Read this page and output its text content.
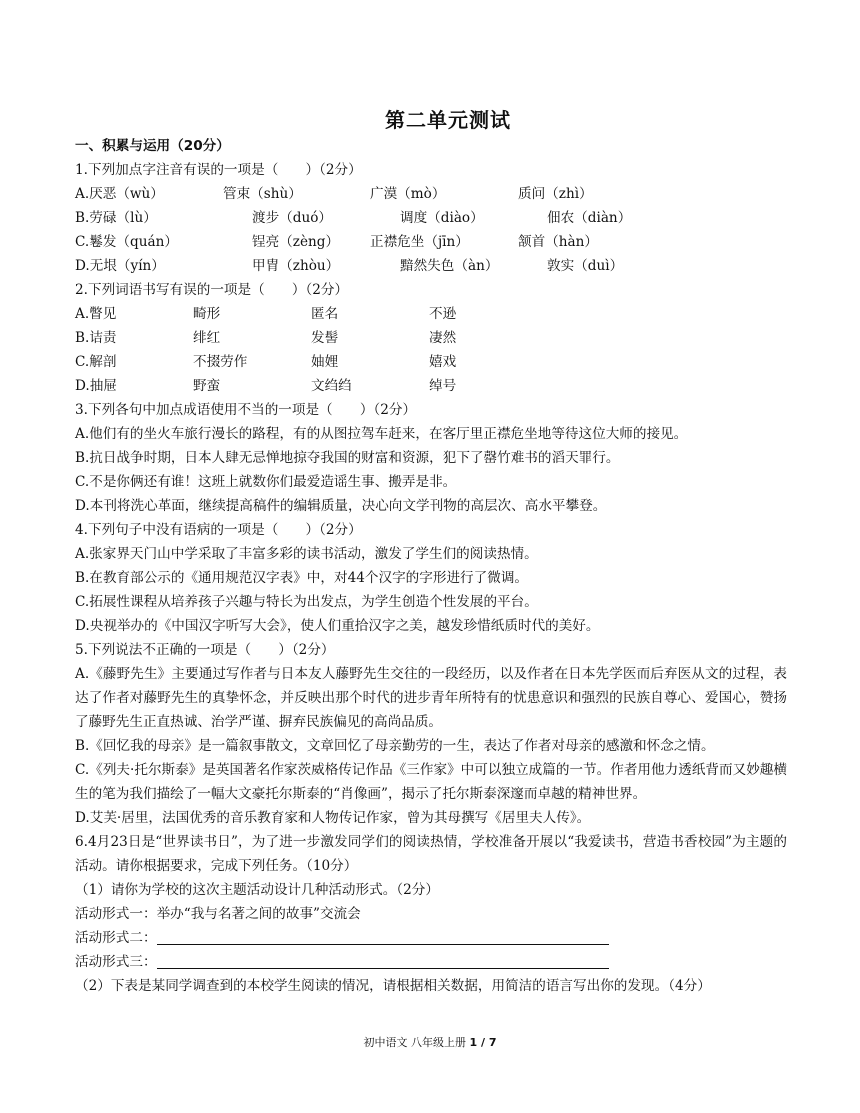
第二单元测试
一、积累与运用（20分）
1.下列加点字注音有误的一项是（　　）（2分）
A.厌恶（wù）	管束（shù）	广漠（mò）	质问（zhì）
B.劳碌（lù）	渡步（duó）	调度（diào）	佃农（diàn）
C.鬈发（quán）	锃亮（zèng） 正襟危坐（jīn）	颔首（hàn）
D.无垠（yín）	甲胄（zhòu）	黯然失色（àn）	敦实（duì）
2.下列词语书写有误的一项是（　　）（2分）
A.瞥见	畸形	匿名	不逊
B.诘责	绯红	发髻	凄然
C.解剖	不掇劳作	妯娌	嬉戏
D.抽屉	野蛮	文绉绉	绰号
3.下列各句中加点成语使用不当的一项是（　　）（2分）
A.他们有的坐火车旅行漫长的路程，有的从图拉驾车赶来，在客厅里正襟危坐地等待这位大师的接见。
B.抗日战争时期，日本人肆无忌惮地掠夺我国的财富和资源，犯下了罄竹难书的滔天罪行。
C.不是你俩还有谁！这班上就数你们最爱造谣生事、搬弄是非。
D.本刊将洗心革面，继续提高稿件的编辑质量，决心向文学刊物的高层次、高水平攀登。
4.下列句子中没有语病的一项是（　　）（2分）
A.张家界天门山中学采取了丰富多彩的读书活动，激发了学生们的阅读热情。
B.在教育部公示的《通用规范汉字表》中，对44个汉字的字形进行了微调。
C.拓展性课程从培养孩子兴趣与特长为出发点，为学生创造个性发展的平台。
D.央视举办的《中国汉字听写大会》，使人们重拾汉字之美，越发珍惜纸质时代的美好。
5.下列说法不正确的一项是（　　）（2分）
A.《藤野先生》主要通过写作者与日本友人藤野先生交往的一段经历，以及作者在日本先学医而后弃医从文的过程，表达了作者对藤野先生的真挚怀念，并反映出那个时代的进步青年所特有的忧患意识和强烈的民族自尊心、爱国心，赞扬了藤野先生正直热诚、治学严谨、摒弃民族偏见的高尚品质。
B.《回忆我的母亲》是一篇叙事散文，文章回忆了母亲勤劳的一生，表达了作者对母亲的感激和怀念之情。
C.《列夫·托尔斯泰》是英国著名作家茨威格传记作品《三作家》中可以独立成篇的一节。作者用他力透纸背而又妙趣横生的笔为我们描绘了一幅大文豪托尔斯泰的“肖像画”，揭示了托尔斯泰深邃而卓越的精神世界。
D.艾芙·居里，法国优秀的音乐教育家和人物传记作家，曾为其母撰写《居里夫人传》。
6.4月23日是“世界读书日”，为了进一步激发同学们的阅读热情，学校准备开展以“我爱读书，营造书香校园”为主题的活动。请你根据要求，完成下列任务。（10分）
（1）请你为学校的这次主题活动设计几种活动形式。（2分）
活动形式一：举办“我与名著之间的故事”交流会
活动形式二：
活动形式三：
（2）下表是某同学调查到的本校学生阅读的情况，请根据相关数据，用简洁的语言写出你的发现。（4分）
初中语文 八年级上册 1 / 7
